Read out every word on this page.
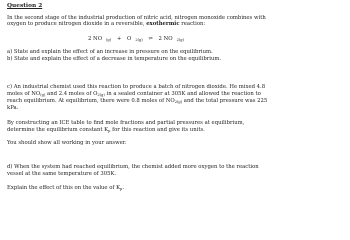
Question 2
In the second stage of the industrial production of nitric acid, nitrogen monoxide combines with
oxygen to produce nitrogen dioxide in a reversible, exothermic reaction:
2 NO $_{(g)}$ + O $_{2(g)}$ ⇌ 2 NO $_{2(g)}$
a) State and explain the effect of an increase in pressure on the equilibrium.
b) State and explain the effect of a decrease in temperature on the equilibrium.
c) An industrial chemist used this reaction to produce a batch of nitrogen dioxide. He mixed 4.8
moles of $NO_{(g)}$ and 2.4 moles of $O_{2(g)}$ in a sealed container at 305K and allowed the reaction to
reach equilibrium. At equilibrium, there were 0.8 moles of $NO_{2(g)}$ and the total pressure was 225
kPa.
By constructing an ICE table to find mole fractions and partial pressures at equilibrium,
determine the equilibrium constant $K_p$ for this reaction and give its units.
You should show all working in your answer.
d) When the system had reached equilibrium, the chemist added more oxygen to the reaction
vessel at the same temperature of 305K.
Explain the effect of this on the value of $K_p$.
